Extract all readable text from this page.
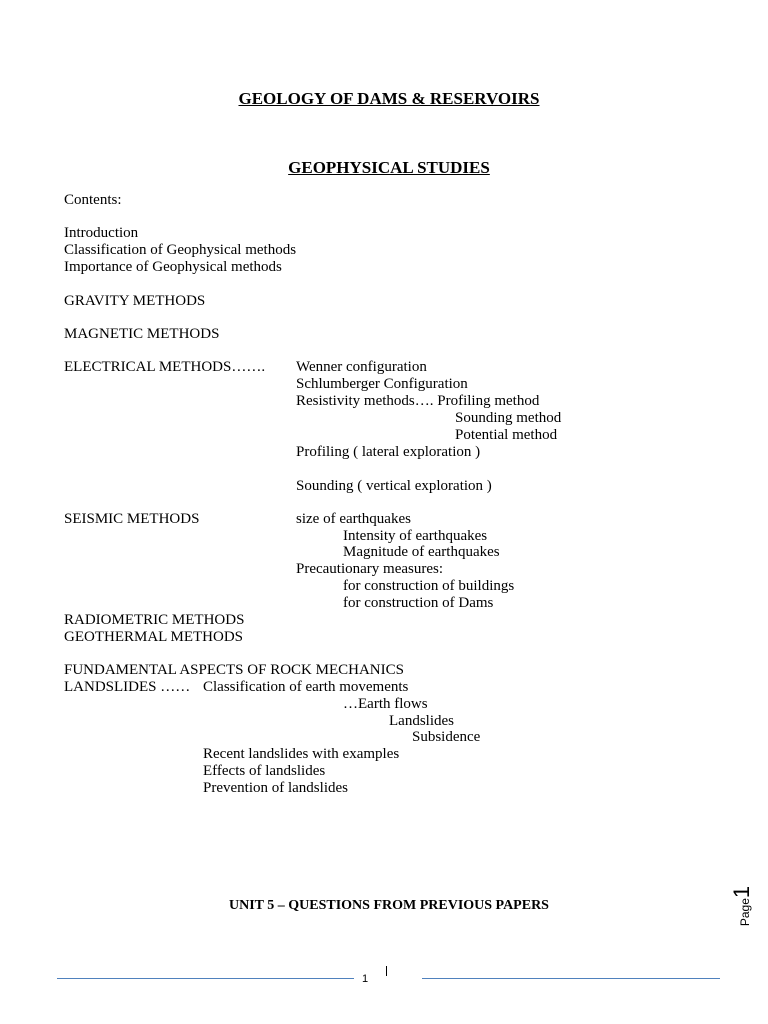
GEOLOGY OF DAMS & RESERVOIRS
GEOPHYSICAL STUDIES
Contents:
Introduction
Classification of Geophysical methods
Importance of Geophysical methods
GRAVITY METHODS
MAGNETIC METHODS
ELECTRICAL METHODS……. Wenner configuration
Schlumberger Configuration
Resistivity methods…. Profiling method
Sounding method
Potential method
Profiling ( lateral exploration )
Sounding ( vertical exploration )
SEISMIC METHODS	size of earthquakes
Intensity of earthquakes
Magnitude of earthquakes
Precautionary measures:
for construction of buildings
for construction of Dams
RADIOMETRIC METHODS
GEOTHERMAL METHODS
FUNDAMENTAL ASPECTS OF ROCK MECHANICS
LANDSLIDES …… Classification of earth movements
…Earth flows
Landslides
Subsidence
Recent landslides with examples
Effects of landslides
Prevention of landslides
UNIT 5 – QUESTIONS FROM PREVIOUS PAPERS	Page1
1
